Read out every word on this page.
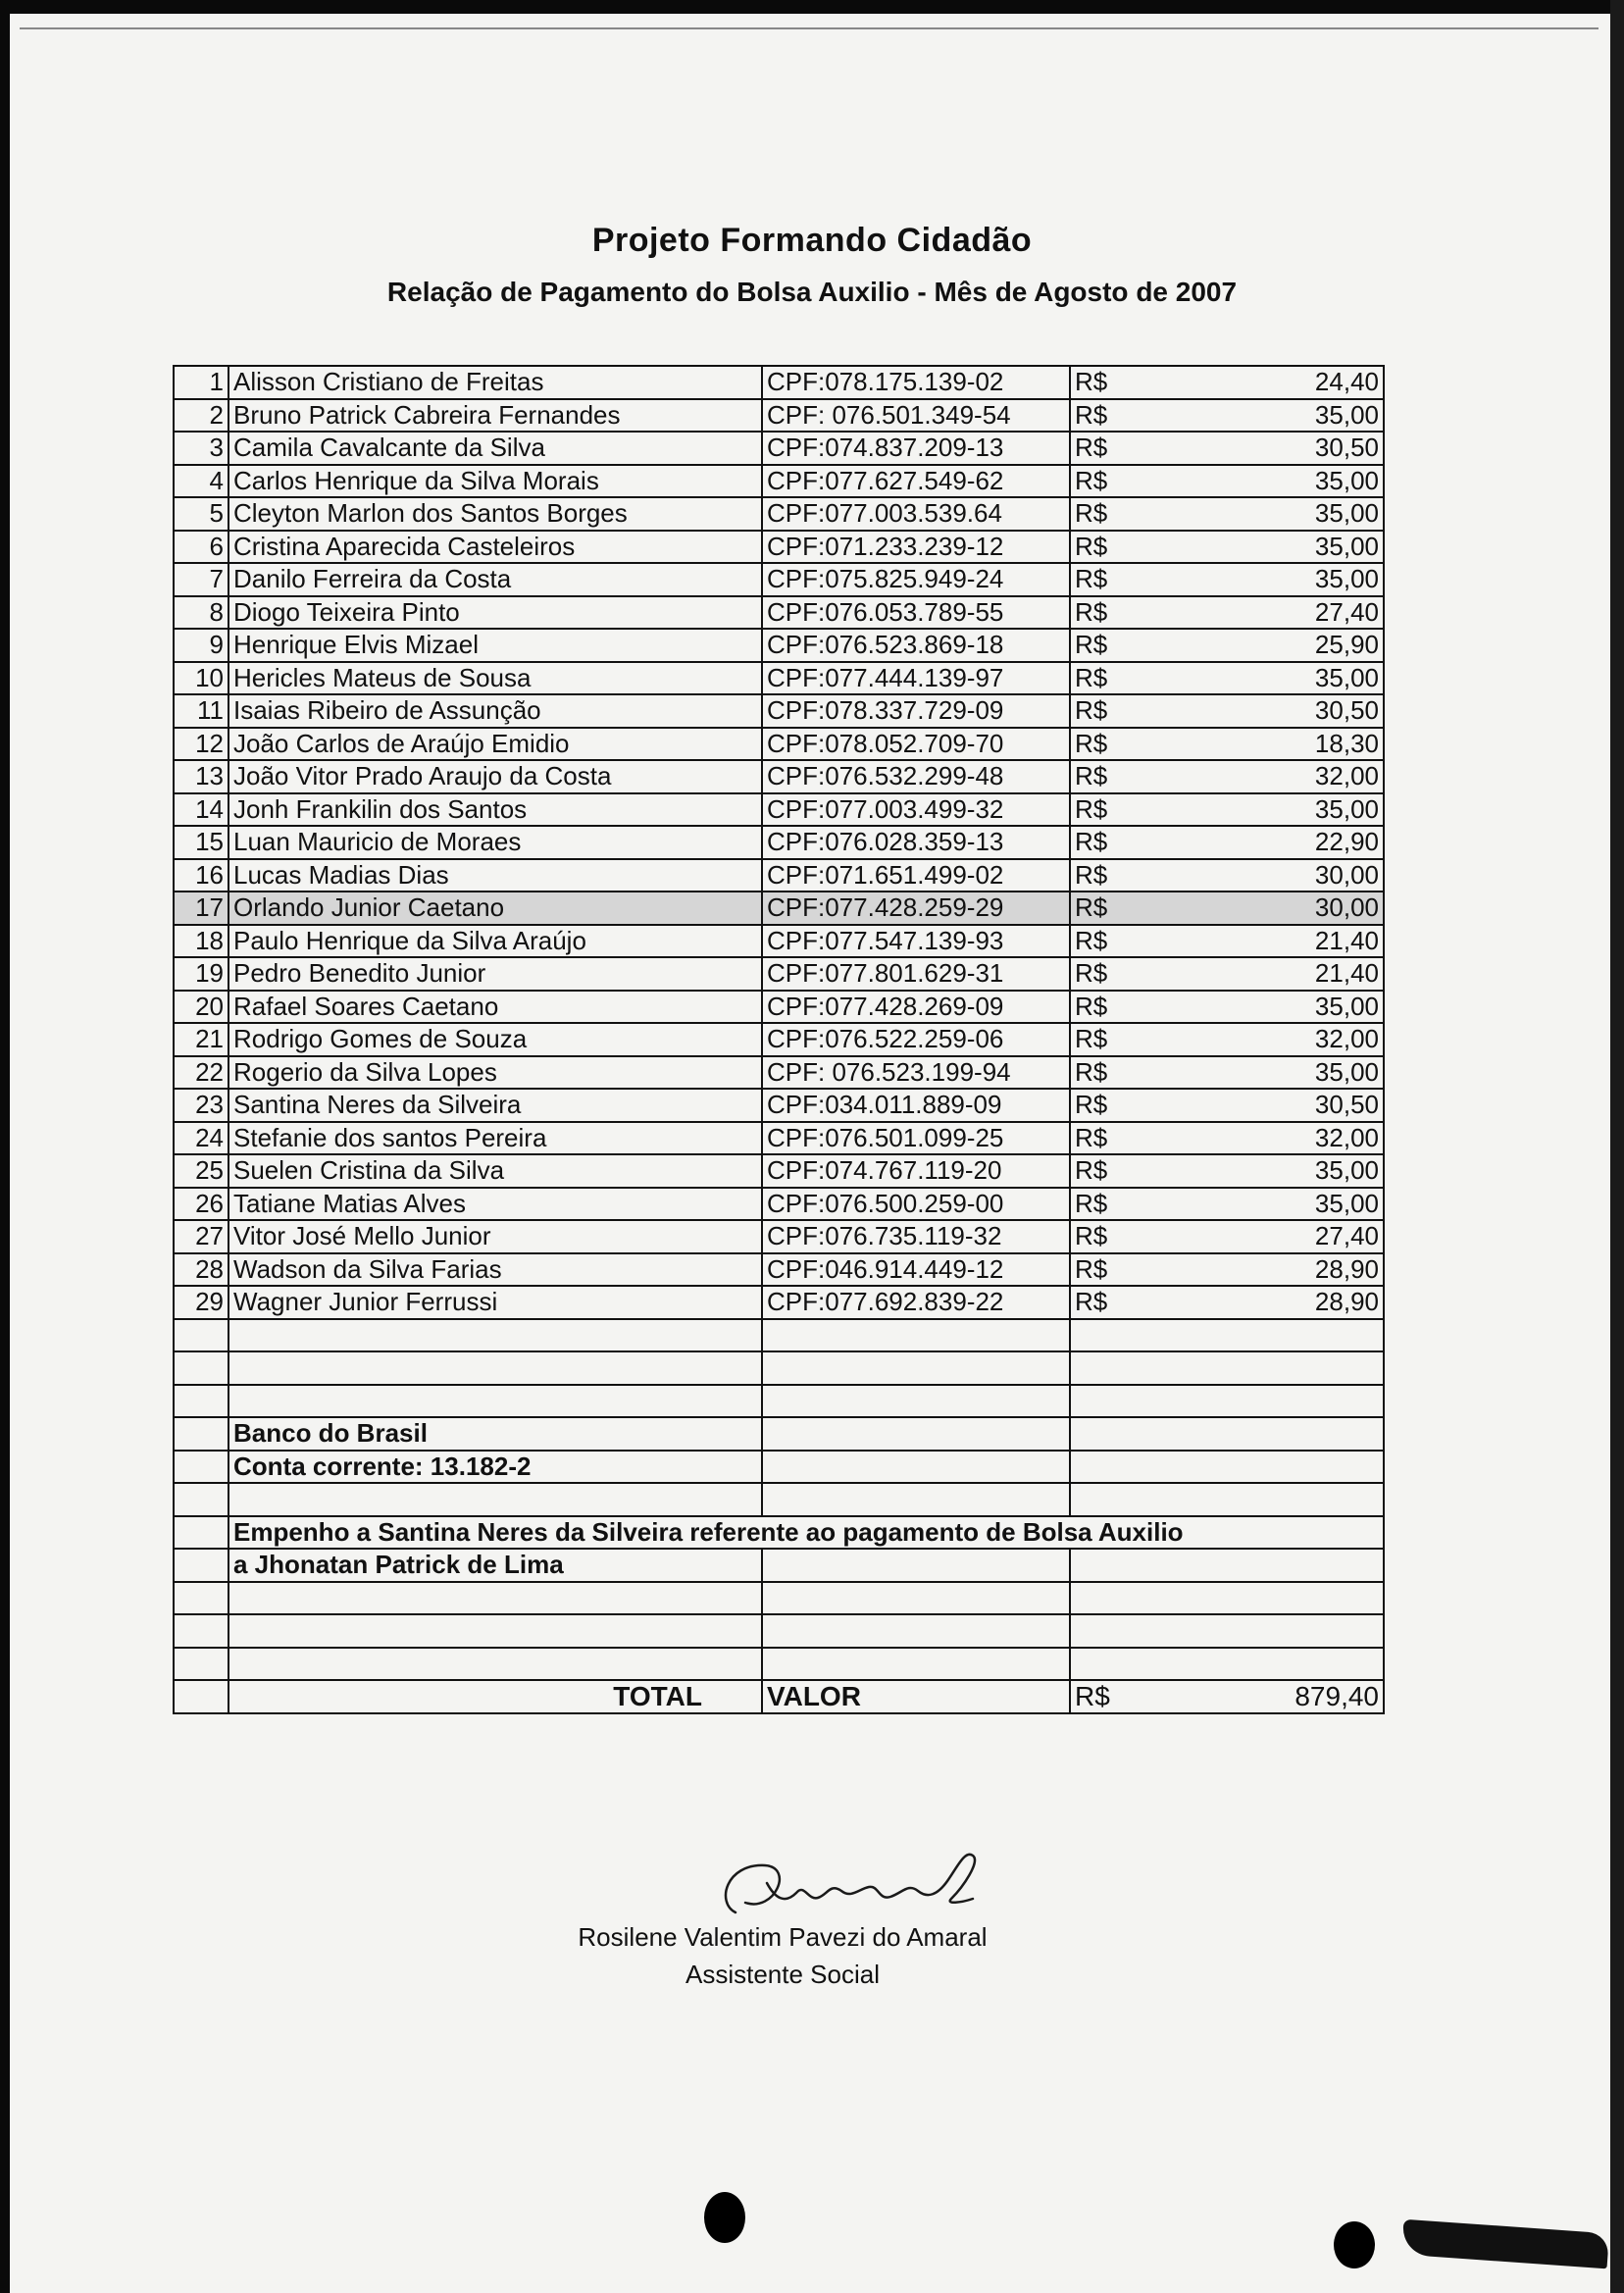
Projeto Formando Cidadão
Relação de Pagamento do Bolsa Auxilio - Mês de Agosto de 2007
1	Alisson Cristiano de Freitas	CPF:078.175.139-02	R$	24,40
2	Bruno Patrick Cabreira Fernandes	CPF: 076.501.349-54	R$	35,00
3	Camila Cavalcante da Silva	CPF:074.837.209-13	R$	30,50
4	Carlos Henrique da Silva Morais	CPF:077.627.549-62	R$	35,00
5	Cleyton Marlon dos Santos Borges	CPF:077.003.539.64	R$	35,00
6	Cristina Aparecida Casteleiros	CPF:071.233.239-12	R$	35,00
7	Danilo Ferreira da Costa	CPF:075.825.949-24	R$	35,00
8	Diogo Teixeira Pinto	CPF:076.053.789-55	R$	27,40
9	Henrique Elvis Mizael	CPF:076.523.869-18	R$	25,90
10	Hericles Mateus de Sousa	CPF:077.444.139-97	R$	35,00
11	Isaias Ribeiro de Assunção	CPF:078.337.729-09	R$	30,50
12	João Carlos de Araújo Emidio	CPF:078.052.709-70	R$	18,30
13	João Vitor Prado Araujo da Costa	CPF:076.532.299-48	R$	32,00
14	Jonh Frankilin dos Santos	CPF:077.003.499-32	R$	35,00
15	Luan Mauricio de Moraes	CPF:076.028.359-13	R$	22,90
16	Lucas Madias Dias	CPF:071.651.499-02	R$	30,00
17	Orlando Junior Caetano	CPF:077.428.259-29	R$	30,00
18	Paulo Henrique da Silva Araújo	CPF:077.547.139-93	R$	21,40
19	Pedro Benedito Junior	CPF:077.801.629-31	R$	21,40
20	Rafael Soares Caetano	CPF:077.428.269-09	R$	35,00
21	Rodrigo Gomes de Souza	CPF:076.522.259-06	R$	32,00
22	Rogerio da Silva Lopes	CPF: 076.523.199-94	R$	35,00
23	Santina Neres da Silveira	CPF:034.011.889-09	R$	30,50
24	Stefanie dos santos Pereira	CPF:076.501.099-25	R$	32,00
25	Suelen Cristina da Silva	CPF:074.767.119-20	R$	35,00
26	Tatiane Matias Alves	CPF:076.500.259-00	R$	35,00
27	Vitor José Mello Junior	CPF:076.735.119-32	R$	27,40
28	Wadson da Silva Farias	CPF:046.914.449-12	R$	28,90
29	Wagner Junior Ferrussi	CPF:077.692.839-22	R$	28,90

	Banco do Brasil			
	Conta corrente: 13.182-2			

	Empenho a Santina Neres da Silveira referente ao pagamento de Bolsa Auxilio			
	a Jhonatan Patrick de Lima			

	TOTAL	VALOR	R$	879,40
Rosilene Valentim Pavezi do Amaral
Assistente Social
